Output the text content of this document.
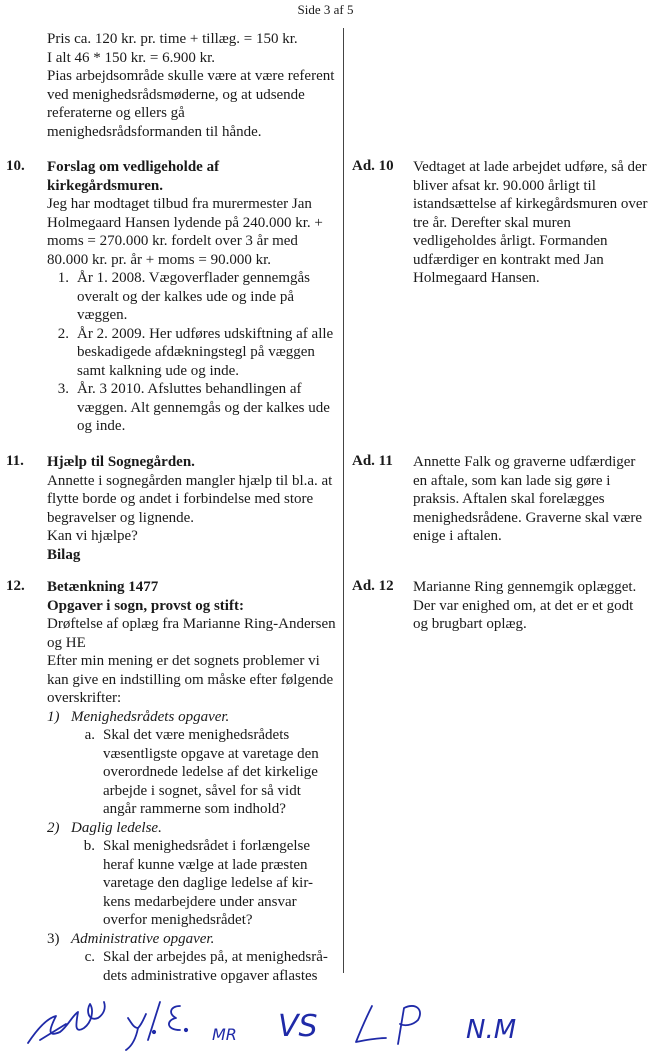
Side 3 af 5

Pris ca. 120 kr. pr. time + tillæg. = 150 kr.

I alt 46 * 150 kr. = 6.900 kr.

Pias arbejdsområde skulle være at være referent ved menighedsrådsmøderne, og at udsende referaterne og ellers gå menighedsrådsformanden til hånde.

10. Forslag om vedligeholde af kirkegårdsmuren.

Jeg har modtaget tilbud fra murermester Jan Holmegaard Hansen lydende på 240.000 kr. + moms = 270.000 kr. fordelt over 3 år med 80.000 kr. pr. år + moms = 90.000 kr.

1. År 1. 2008. Vægoverflader gennemgås overalt og der kalkes ude og inde på væggen.
2. År 2. 2009. Her udføres udskiftning af alle beskadigede afdækningstegl på væggen samt kalkning ude og inde.
3. År. 3 2010. Afsluttes behandlingen af væggen. Alt gennemgås og der kalkes ude og inde.
Ad. 10 Vedtaget at lade arbejdet udføre, så der bliver afsat kr. 90.000 årligt til istandsættelse af kirkegårdsmuren over tre år. Derefter skal muren vedligeholdes årligt. Formanden udfærdiger en kontrakt med Jan Holmegaard Hansen.
11. Hjælp til Sognegården.

Annette i sognegården mangler hjælp til bl.a. at flytte borde og andet i forbindelse med store begravelser og lignende.

Kan vi hjælpe?

Bilag

Ad. 11 Annette Falk og graverne udfærdiger en aftale, som kan lade sig gøre i praksis. Aftalen skal forelægges menighedsrådene. Graverne skal være enige i aftalen.
12. Betænkning 1477

Opgaver i sogn, provst og stift:

Drøftelse af oplæg fra Marianne Ring-Andersen og HE

Efter min mening er det sognets problemer vi kan give en indstilling om måske efter følgende overskrifter:

1) Menighedsrådets opgaver.
a. Skal det være menighedsrådets væsentligste opgave at varetage den overordnede ledelse af det kirkelige arbejde i sognet, såvel for så vidt angår rammerne som indhold?
2) Daglig ledelse.
b. Skal menighedsrådet i forlængelse heraf kunne vælge at lade præsten varetage den daglige ledelse af kir-kens medarbejdere under ansvar overfor menighedsrådet?
3) Administrative opgaver.
c. Skal der arbejdes på, at menighedsrå-dets administrative opgaver aflastes
Ad. 12 Marianne Ring gennemgik oplægget. Der var enighed om, at det er et godt og brugbart oplæg.
MR VS	N.M
